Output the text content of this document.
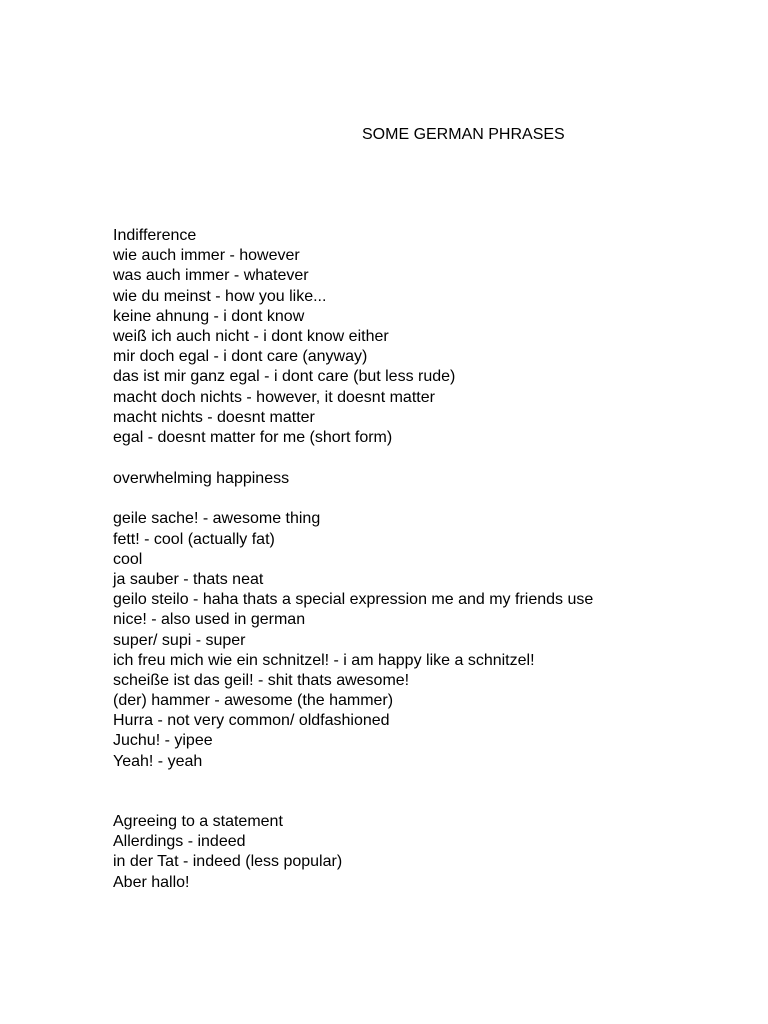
SOME GERMAN PHRASES
Indifference
wie auch immer - however
was auch immer - whatever
wie du meinst - how you like...
keine ahnung - i dont know
weiß ich auch nicht - i dont know either
mir doch egal - i dont care (anyway)
das ist mir ganz egal - i dont care (but less rude)
macht doch nichts - however, it doesnt matter
macht nichts - doesnt matter
egal - doesnt matter for me (short form)
overwhelming happiness
geile sache! - awesome thing
fett! - cool (actually fat)
cool
ja sauber - thats neat
geilo steilo - haha thats a special expression me and my friends use
nice! - also used in german
super/ supi - super
ich freu mich wie ein schnitzel! - i am happy like a schnitzel!
scheiße ist das geil! - shit thats awesome!
(der) hammer - awesome (the hammer)
Hurra - not very common/ oldfashioned
Juchu! - yipee
Yeah! - yeah
Agreeing to a statement
Allerdings - indeed
in der Tat - indeed (less popular)
Aber hallo!
